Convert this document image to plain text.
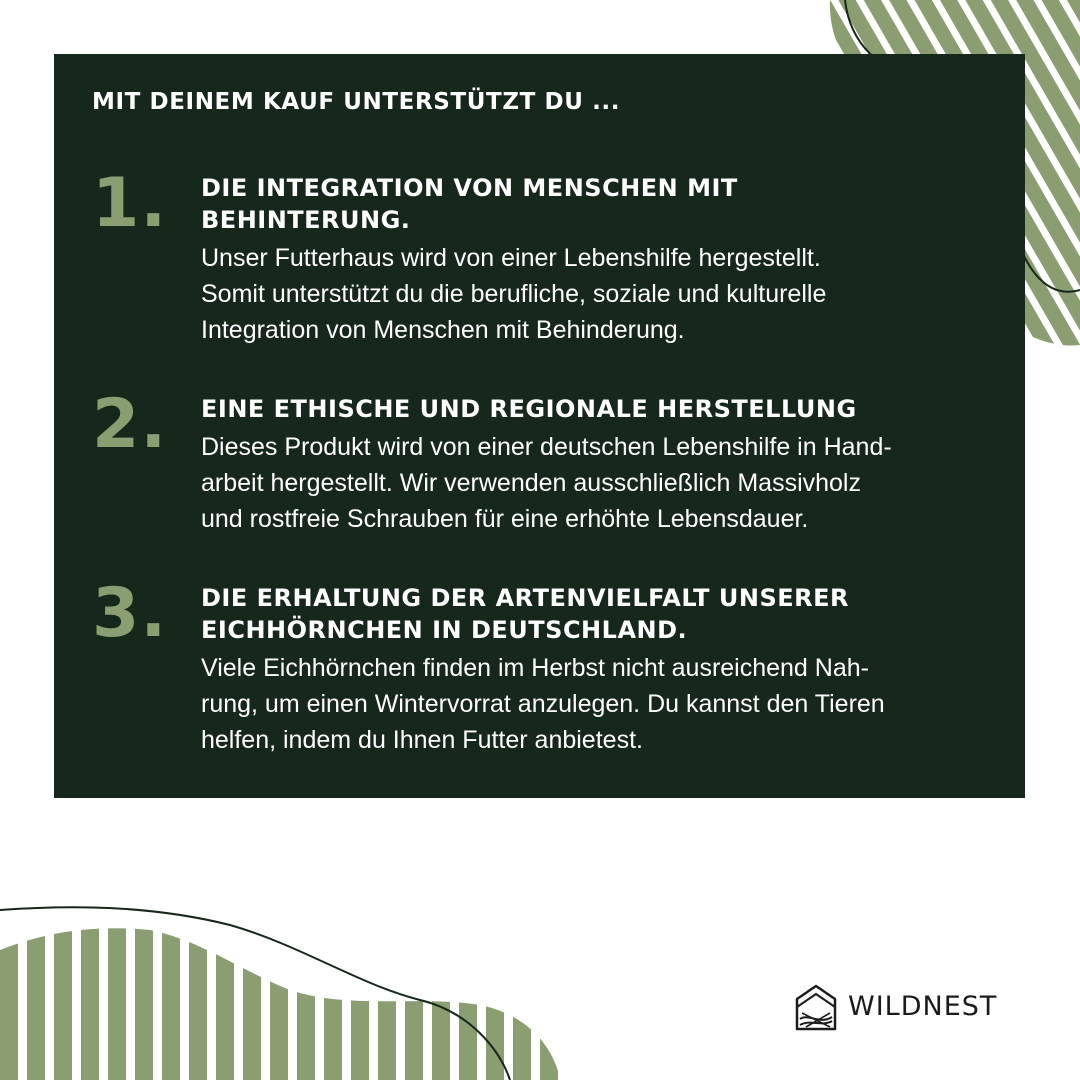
MIT DEINEM KAUF UNTERSTÜTZT DU ...

1. DIE INTEGRATION VON MENSCHEN MIT
BEHINTERUNG.

Unser Futterhaus wird von einer Lebenshilfe hergestellt.
Somit unterstützt du die berufliche, soziale und kulturelle
Integration von Menschen mit Behinderung.

2. EINE ETHISCHE UND REGIONALE HERSTELLUNG

Dieses Produkt wird von einer deutschen Lebenshilfe in Hand-
arbeit hergestellt. Wir verwenden ausschließlich Massivholz
und rostfreie Schrauben für eine erhöhte Lebensdauer.

3. DIE ERHALTUNG DER ARTENVIELFALT UNSERER
EICHHÖRNCHEN IN DEUTSCHLAND.

Viele Eichhörnchen finden im Herbst nicht ausreichend Nah-
rung, um einen Wintervorrat anzulegen. Du kannst den Tieren
helfen, indem du Ihnen Futter anbietest.

WILDNEST
